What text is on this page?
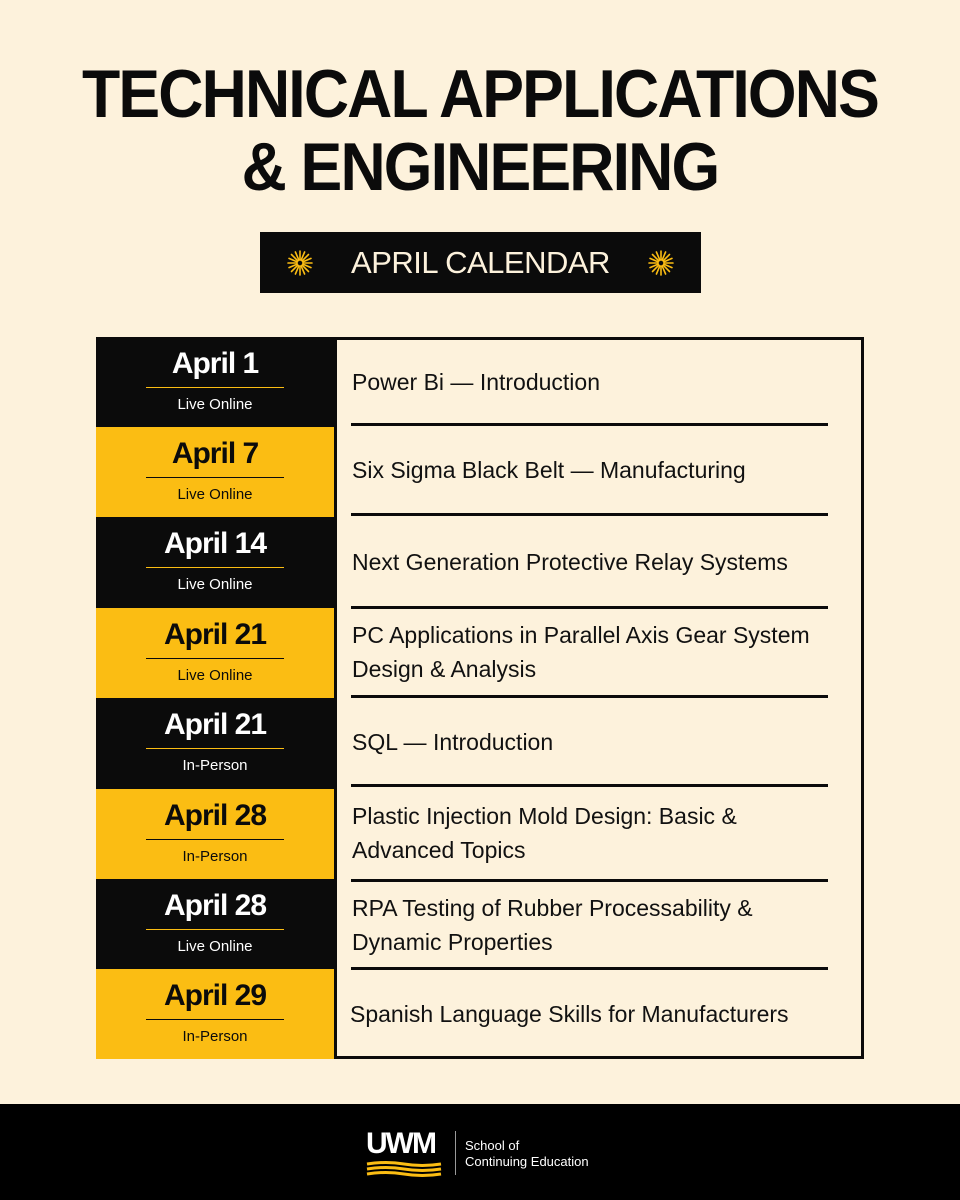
TECHNICAL APPLICATIONS
& ENGINEERING
APRIL CALENDAR
April 1
Live Online
April 7
Live Online
April 14
Live Online
April 21
Live Online
April 21
In-Person
April 28
In-Person
April 28
Live Online
April 29
In-Person
Power Bi — Introduction
Six Sigma Black Belt — Manufacturing
Next Generation Protective Relay Systems
PC Applications in Parallel Axis Gear System Design & Analysis
SQL — Introduction
Plastic Injection Mold Design: Basic & Advanced Topics
RPA Testing of Rubber Processability & Dynamic Properties
Spanish Language Skills for Manufacturers
UWM	School of
Continuing Education
